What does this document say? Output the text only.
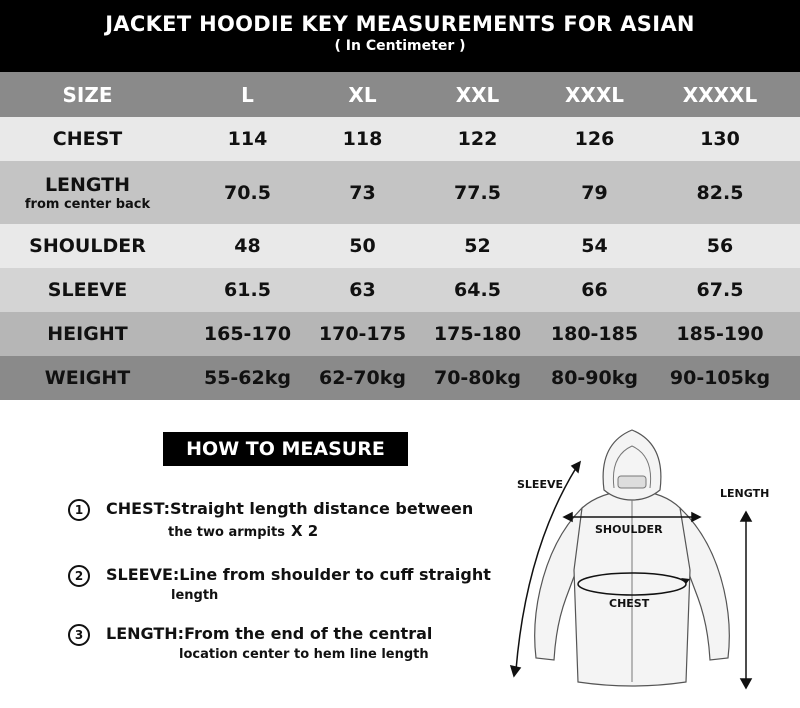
JACKET HOODIE KEY MEASUREMENTS FOR ASIAN
( In Centimeter )
SIZE	L	XL	XXL	XXXL	XXXXL
CHEST	114	118	122	126	130
LENGTH
from center back
70.5	73	77.5	79	82.5
SHOULDER	48	50	52	54	56
SLEEVE	61.5	63	64.5	66	67.5
HEIGHT	165-170	170-175	175-180	180-185	185-190
WEIGHT	55-62kg	62-70kg	70-80kg	80-90kg	90-105kg
HOW TO MEASURE
1	CHEST:Straight length distance between
the two armpits X 2
2	SLEEVE:Line from shoulder to cuff straight
length
3	LENGTH:From the end of the central
location center to hem line length
SLEEVE
LENGTH
SHOULDER
CHEST
